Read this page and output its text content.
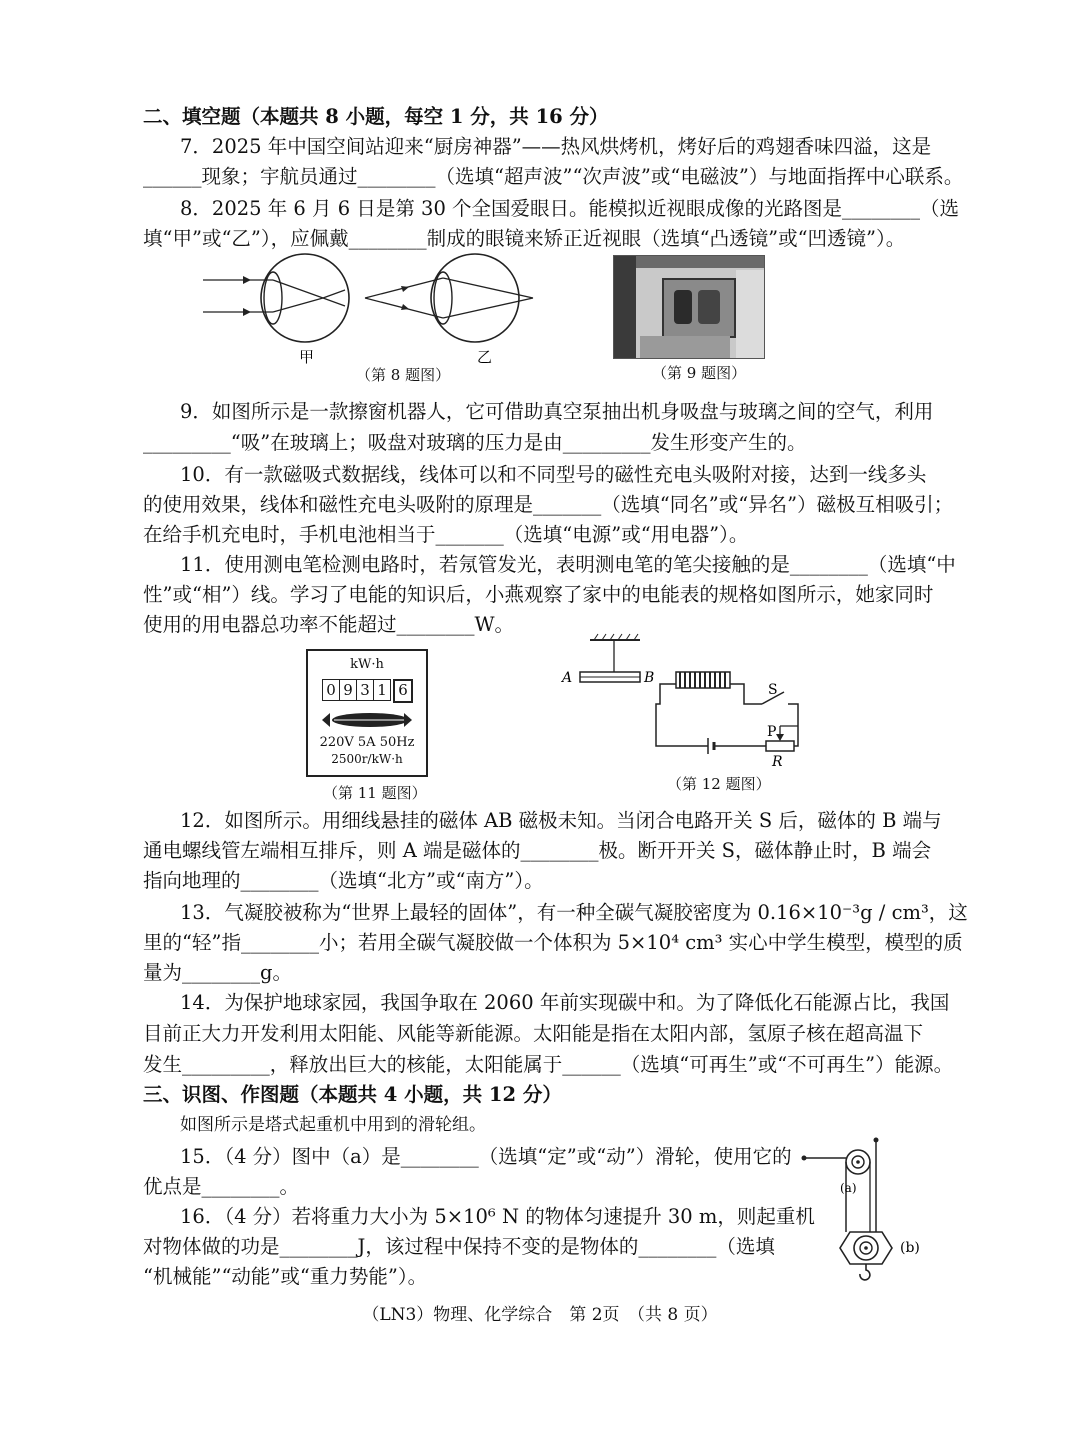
二、填空题（本题共 8 小题，每空 1 分，共 16 分）
7．2025 年中国空间站迎来“厨房神器”——热风烘烤机，烤好后的鸡翅香味四溢，这是
______现象；宇航员通过________（选填“超声波”“次声波”或“电磁波”）与地面指挥中心联系。
8．2025 年 6 月 6 日是第 30 个全国爱眼日。能模拟近视眼成像的光路图是________（选
填“甲”或“乙”），应佩戴________制成的眼镜来矫正近视眼（选填“凸透镜”或“凹透镜”）。
甲	乙
（第 8 题图）	（第 9 题图）
9．如图所示是一款擦窗机器人，它可借助真空泵抽出机身吸盘与玻璃之间的空气，利用
_________“吸”在玻璃上；吸盘对玻璃的压力是由_________发生形变产生的。
10．有一款磁吸式数据线，线体可以和不同型号的磁性充电头吸附对接，达到一线多头
的使用效果，线体和磁性充电头吸附的原理是_______（选填“同名”或“异名”）磁极互相吸引；
在给手机充电时，手机电池相当于_______（选填“电源”或“用电器”）。
11．使用测电笔检测电路时，若氖管发光，表明测电笔的笔尖接触的是________（选填“中
性”或“相”）线。学习了电能的知识后，小燕观察了家中的电能表的规格如图所示，她家同时
使用的用电器总功率不能超过________W。
kW·h
0 9 3 1 6
220V 5A 50Hz
2500r/kW·h
（第 11 题图）
A	B
S
P
R
（第 12 题图）
12．如图所示。用细线悬挂的磁体 AB 磁极未知。当闭合电路开关 S 后，磁体的 B 端与
通电螺线管左端相互排斥，则 A 端是磁体的________极。断开开关 S，磁体静止时，B 端会
指向地理的________（选填“北方”或“南方”）。
13．气凝胶被称为“世界上最轻的固体”，有一种全碳气凝胶密度为 0.16×10⁻³g / cm³，这
里的“轻”指________小；若用全碳气凝胶做一个体积为 5×10⁴ cm³ 实心中学生模型，模型的质
量为________g。
14．为保护地球家园，我国争取在 2060 年前实现碳中和。为了降低化石能源占比，我国
目前正大力开发利用太阳能、风能等新能源。太阳能是指在太阳内部，氢原子核在超高温下
发生_________，释放出巨大的核能，太阳能属于______（选填“可再生”或“不可再生”）能源。
三、识图、作图题（本题共 4 小题，共 12 分）
如图所示是塔式起重机中用到的滑轮组。
15．（4 分）图中（a）是________（选填“定”或“动”）滑轮，使用它的
优点是________。
16．（4 分）若将重力大小为 5×10⁶ N 的物体匀速提升 30 m，则起重机
对物体做的功是________J，该过程中保持不变的是物体的________（选填
“机械能”“动能”或“重力势能”）。
(a)
(b)
（LN3）物理、化学综合　第 2页　（共 8 页）
